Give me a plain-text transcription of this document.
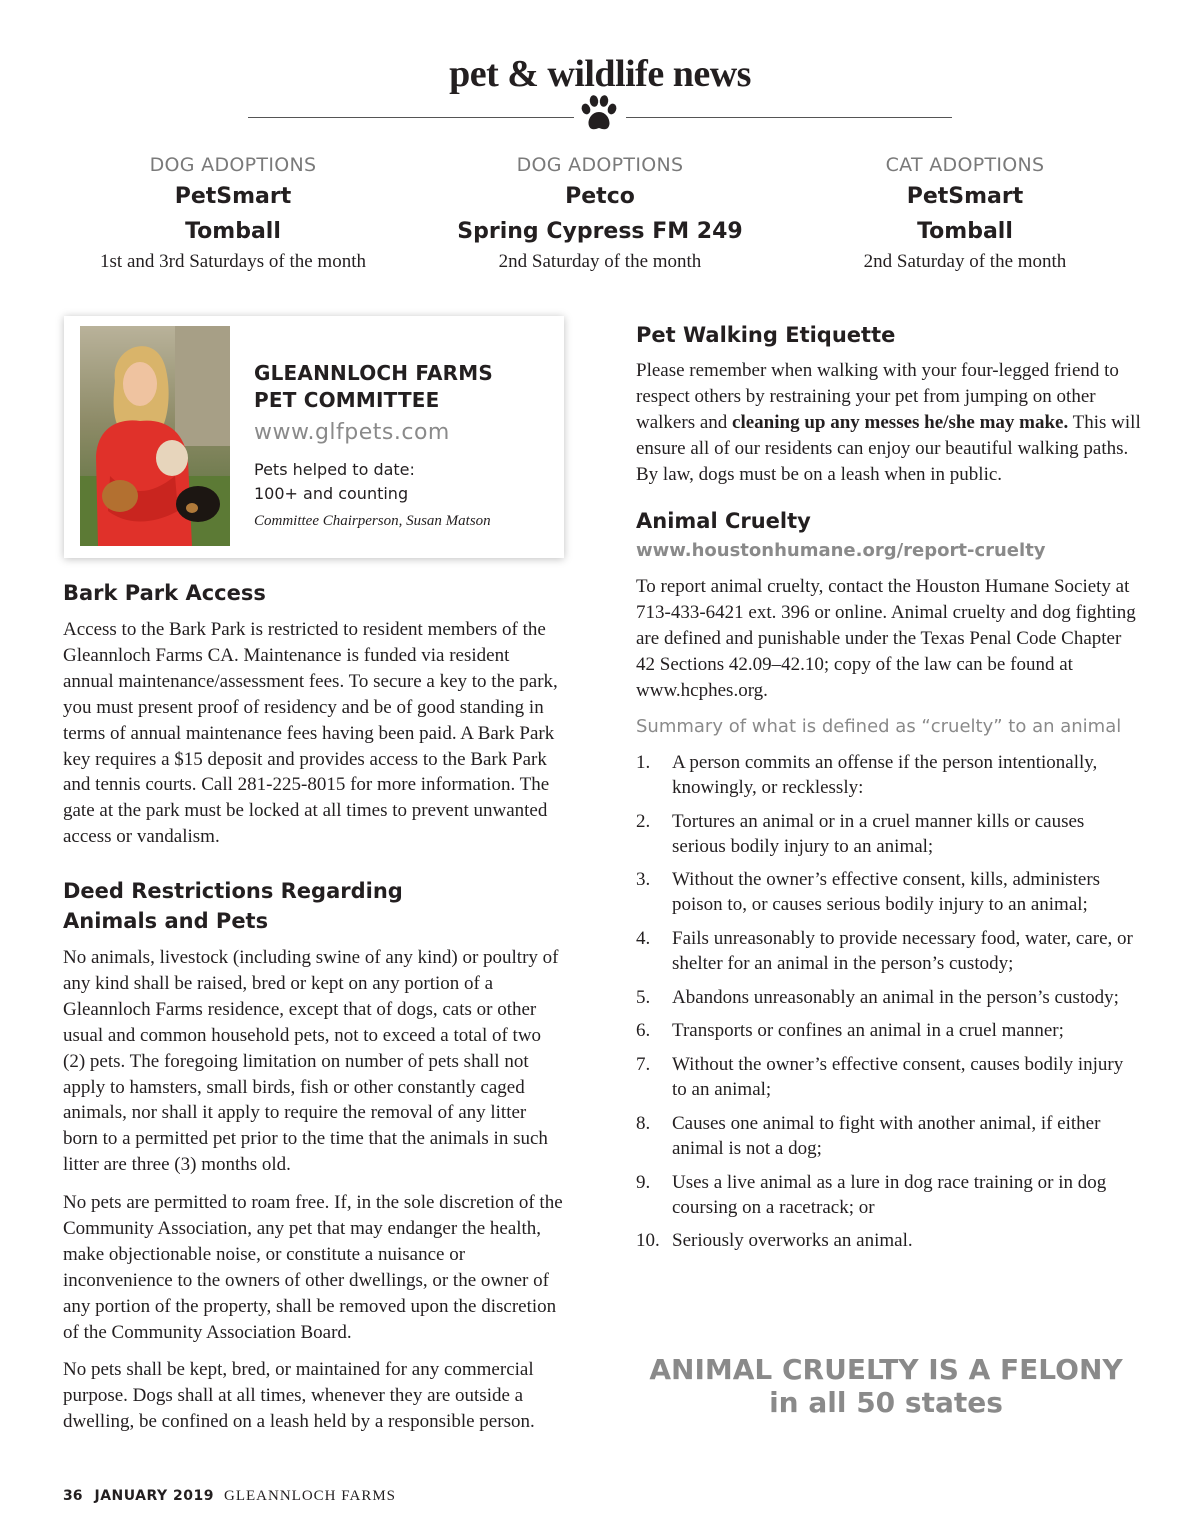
pet & wildlife news
DOG ADOPTIONS
PetSmart
Tomball
1st and 3rd Saturdays of the month
DOG ADOPTIONS
Petco
Spring Cypress FM 249
2nd Saturday of the month
CAT ADOPTIONS
PetSmart
Tomball
2nd Saturday of the month
GLEANNLOCH FARMS
PET COMMITTEE
www.glfpets.com
Pets helped to date:
100+ and counting
Committee Chairperson, Susan Matson
Bark Park Access
Access to the Bark Park is restricted to resident members of the Gleannloch Farms CA. Maintenance is funded via resident annual maintenance/assessment fees. To secure a key to the park, you must present proof of residency and be of good standing in terms of annual maintenance fees having been paid. A Bark Park key requires a $15 deposit and provides access to the Bark Park and tennis courts. Call 281-225-8015 for more information. The gate at the park must be locked at all times to prevent unwanted access or vandalism.
Deed Restrictions Regarding
Animals and Pets
No animals, livestock (including swine of any kind) or poultry of any kind shall be raised, bred or kept on any portion of a Gleannloch Farms residence, except that of dogs, cats or other usual and common household pets, not to exceed a total of two (2) pets. The foregoing limitation on number of pets shall not apply to hamsters, small birds, fish or other constantly caged animals, nor shall it apply to require the removal of any litter born to a permitted pet prior to the time that the animals in such litter are three (3) months old.
No pets are permitted to roam free. If, in the sole discretion of the Community Association, any pet that may endanger the health, make objectionable noise, or constitute a nuisance or inconvenience to the owners of other dwellings, or the owner of any portion of the property, shall be removed upon the discretion of the Community Association Board.
No pets shall be kept, bred, or maintained for any commercial purpose. Dogs shall at all times, whenever they are outside a dwelling, be confined on a leash held by a responsible person.
Pet Walking Etiquette
Please remember when walking with your four-legged friend to respect others by restraining your pet from jumping on other walkers and cleaning up any messes he/she may make. This will ensure all of our residents can enjoy our beautiful walking paths. By law, dogs must be on a leash when in public.
Animal Cruelty
www.houstonhumane.org/report-cruelty
To report animal cruelty, contact the Houston Humane Society at 713-433-6421 ext. 396 or online. Animal cruelty and dog fighting are defined and punishable under the Texas Penal Code Chapter 42 Sections 42.09–42.10; copy of the law can be found at www.hcphes.org.
Summary of what is defined as “cruelty” to an animal
1. A person commits an offense if the person intentionally, knowingly, or recklessly:
2. Tortures an animal or in a cruel manner kills or causes serious bodily injury to an animal;
3. Without the owner’s effective consent, kills, administers poison to, or causes serious bodily injury to an animal;
4. Fails unreasonably to provide necessary food, water, care, or shelter for an animal in the person’s custody;
5. Abandons unreasonably an animal in the person’s custody;
6. Transports or confines an animal in a cruel manner;
7. Without the owner’s effective consent, causes bodily injury to an animal;
8. Causes one animal to fight with another animal, if either animal is not a dog;
9. Uses a live animal as a lure in dog race training or in dog coursing on a racetrack; or
10. Seriously overworks an animal.
ANIMAL CRUELTY IS A FELONY
in all 50 states
36 JANUARY 2019 GLEANNLOCH FARMS
